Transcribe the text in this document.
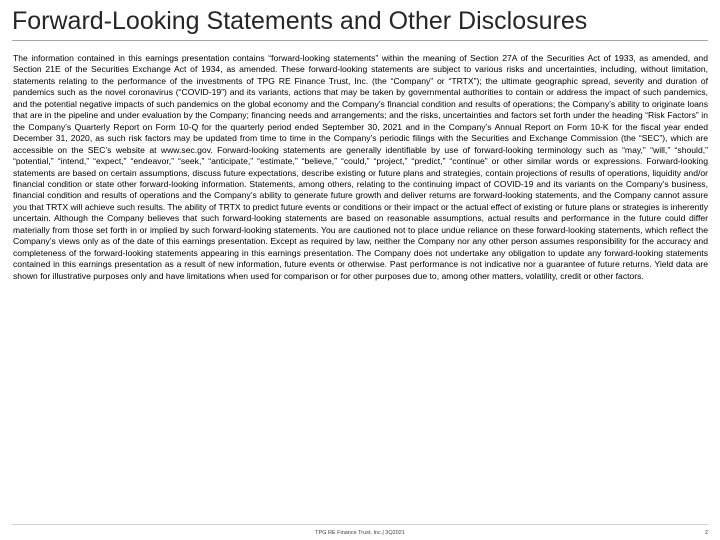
Forward-Looking Statements and Other Disclosures

The information contained in this earnings presentation contains “forward-looking statements” within the meaning of Section 27A of the Securities Act of 1933, as amended, and Section 21E of the Securities Exchange Act of 1934, as amended. These forward-looking statements are subject to various risks and uncertainties, including, without limitation, statements relating to the performance of the investments of TPG RE Finance Trust, Inc. (the “Company” or “TRTX”); the ultimate geographic spread, severity and duration of pandemics such as the novel coronavirus (“COVID-19”) and its variants, actions that may be taken by governmental authorities to contain or address the impact of such pandemics, and the potential negative impacts of such pandemics on the global economy and the Company’s financial condition and results of operations; the Company’s ability to originate loans that are in the pipeline and under evaluation by the Company; financing needs and arrangements; and the risks, uncertainties and factors set forth under the heading “Risk Factors” in the Company’s Quarterly Report on Form 10-Q for the quarterly period ended September 30, 2021 and in the Company’s Annual Report on Form 10-K for the fiscal year ended December 31, 2020, as such risk factors may be updated from time to time in the Company’s periodic filings with the Securities and Exchange Commission (the “SEC”), which are accessible on the SEC’s website at www.sec.gov. Forward-looking statements are generally identifiable by use of forward-looking terminology such as “may,” “will,” “should,” “potential,” “intend,” “expect,” “endeavor,” “seek,” “anticipate,” “estimate,” “believe,” “could,” “project,” “predict,” “continue” or other similar words or expressions. Forward-looking statements are based on certain assumptions, discuss future expectations, describe existing or future plans and strategies, contain projections of results of operations, liquidity and/or financial condition or state other forward-looking information. Statements, among others, relating to the continuing impact of COVID-19 and its variants on the Company’s business, financial condition and results of operations and the Company’s ability to generate future growth and deliver returns are forward-looking statements, and the Company cannot assure you that TRTX will achieve such results. The ability of TRTX to predict future events or conditions or their impact or the actual effect of existing or future plans or strategies is inherently uncertain. Although the Company believes that such forward-looking statements are based on reasonable assumptions, actual results and performance in the future could differ materially from those set forth in or implied by such forward-looking statements. You are cautioned not to place undue reliance on these forward-looking statements, which reflect the Company’s views only as of the date of this earnings presentation. Except as required by law, neither the Company nor any other person assumes responsibility for the accuracy and completeness of the forward-looking statements appearing in this earnings presentation. The Company does not undertake any obligation to update any forward-looking statements contained in this earnings presentation as a result of new information, future events or otherwise. Past performance is not indicative nor a guarantee of future returns. Yield data are shown for illustrative purposes only and have limitations when used for comparison or for other purposes due to, among other matters, volatility, credit or other factors.

TPG RE Finance Trust, Inc.| 3Q2021	2
